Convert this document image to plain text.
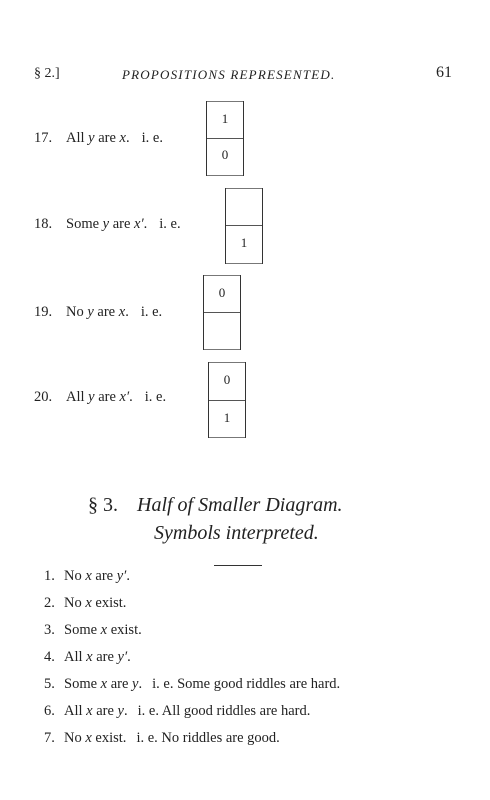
§ 2.]	PROPOSITIONS REPRESENTED.	61
17. All y are x. i. e.
1
0
18. Some y are x′. i. e.
1
19. No y are x. i. e.
0
20. All y are x′. i. e.
0
1
§ 3. Half of Smaller Diagram.
Symbols interpreted.
1. No x are y′.
2. No x exist.
3. Some x exist.
4. All x are y′.
5. Some x are y. i. e. Some good riddles are hard.
6. All x are y. i. e. All good riddles are hard.
7. No x exist. i. e. No riddles are good.
